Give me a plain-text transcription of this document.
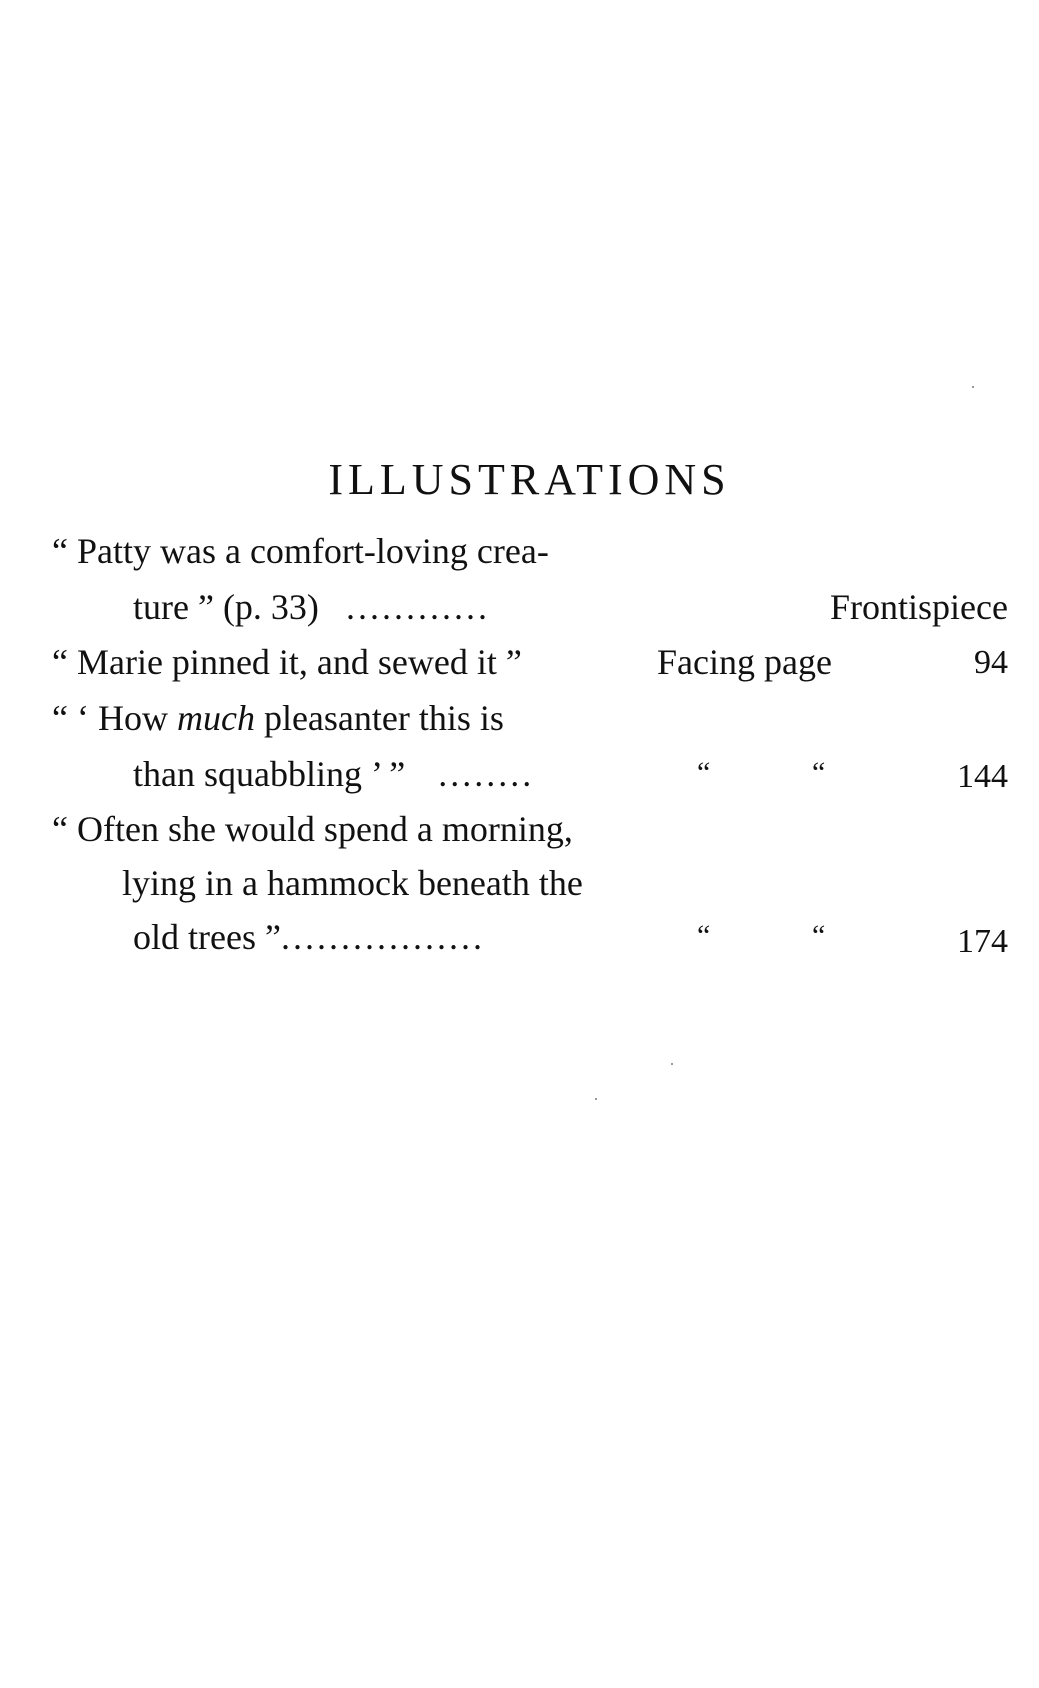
ILLUSTRATIONS
“ Patty was a comfort-loving crea-
ture ” (p. 33) ............	Frontispiece
“ Marie pinned it, and sewed it ”	Facing page	94
“ ‘ How much pleasanter this is
than squabbling ’ ” ........	“	“	144
“ Often she would spend a morning,
lying in a hammock beneath the
old trees ”.................	“	“	174
